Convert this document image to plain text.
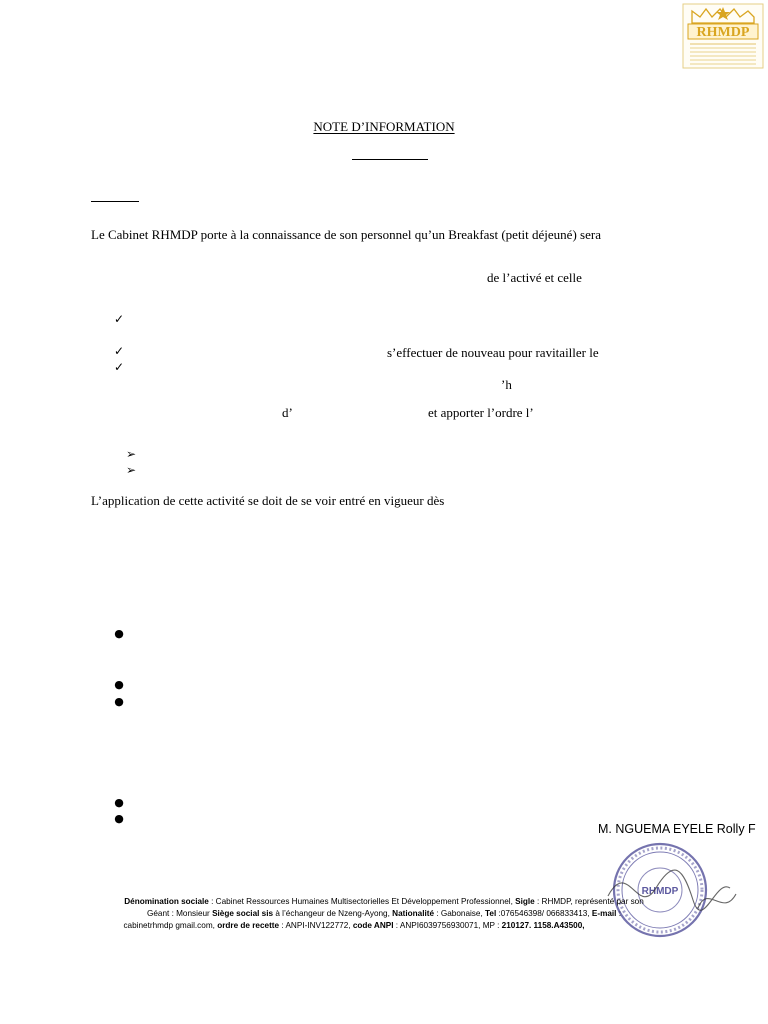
RHMDP
NOTE D’INFORMATION
Le Cabinet RHMDP porte à la connaissance de son personnel qu’un Breakfast (petit déjeuné) sera
de l’activé et celle
✓
✓	s’effectuer de nouveau pour ravitailler le
✓
’h
d’	et apporter l’ordre l’
➢
➢
L’application de cette activité se doit de se voir entré en vigueur dès
●
●
●
●
●
M. NGUEMA EYELE Rolly F
RHMDP
Dénomination sociale : Cabinet Ressources Humaines Multisectorielles Et Développement Professionnel, Sigle : RHMDP, représenté par son
Géant : Monsieur Siège social sis à l’échangeur de Nzeng-Ayong, Nationalité : Gabonaise, Tel :076546398/ 066833413, E-mail :
cabinetrhmdp gmail.com, ordre de recette : ANPI-INV122772, code ANPI : ANPI6039756930071, MP : 210127. 1158.A43500,
